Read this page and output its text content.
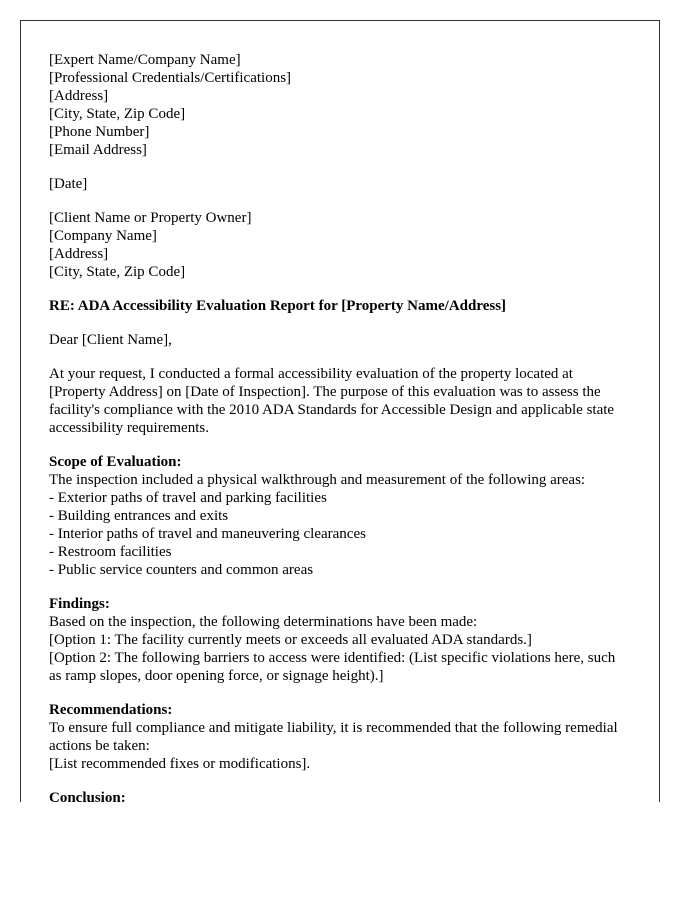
[Expert Name/Company Name]
[Professional Credentials/Certifications]
[Address]
[City, State, Zip Code]
[Phone Number]
[Email Address]
[Date]
[Client Name or Property Owner]
[Company Name]
[Address]
[City, State, Zip Code]
RE: ADA Accessibility Evaluation Report for [Property Name/Address]
Dear [Client Name],
At your request, I conducted a formal accessibility evaluation of the property located at [Property Address] on [Date of Inspection]. The purpose of this evaluation was to assess the facility's compliance with the 2010 ADA Standards for Accessible Design and applicable state accessibility requirements.
Scope of Evaluation:
The inspection included a physical walkthrough and measurement of the following areas:
- Exterior paths of travel and parking facilities
- Building entrances and exits
- Interior paths of travel and maneuvering clearances
- Restroom facilities
- Public service counters and common areas
Findings:
Based on the inspection, the following determinations have been made:
[Option 1: The facility currently meets or exceeds all evaluated ADA standards.]
[Option 2: The following barriers to access were identified: (List specific violations here, such as ramp slopes, door opening force, or signage height).]
Recommendations:
To ensure full compliance and mitigate liability, it is recommended that the following remedial actions be taken:
[List recommended fixes or modifications].
Conclusion:
